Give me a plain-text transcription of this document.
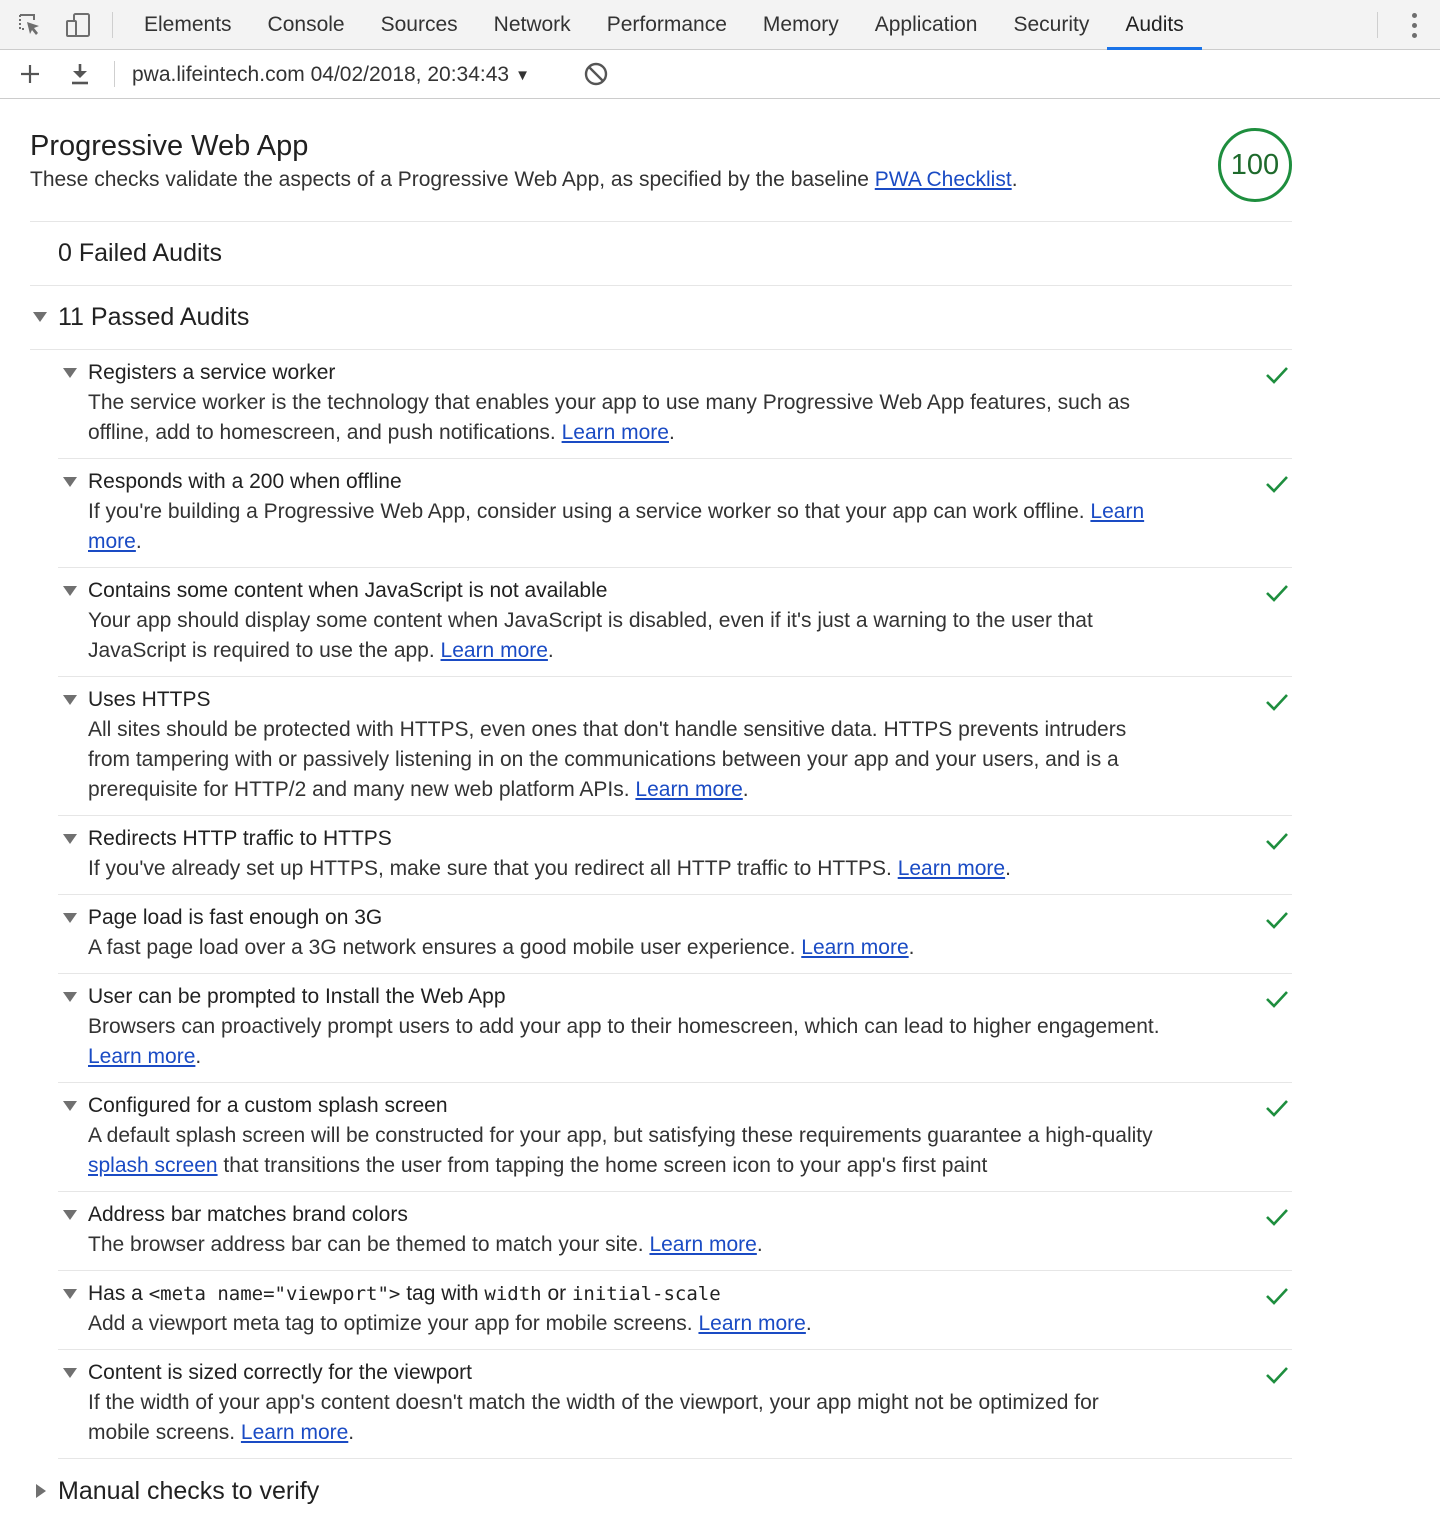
Elements	Console	Sources	Network	Performance	Memory	Application	Security	Audits
pwa.lifeintech.com 04/02/2018, 20:34:43 ▼
Progressive Web App
These checks validate the aspects of a Progressive Web App, as specified by the baseline PWA Checklist.	100
0 Failed Audits
11 Passed Audits
Registers a service worker
The service worker is the technology that enables your app to use many Progressive Web App features, such as offline, add to homescreen, and push notifications. Learn more.
Responds with a 200 when offline
If you're building a Progressive Web App, consider using a service worker so that your app can work offline. Learn more.
Contains some content when JavaScript is not available
Your app should display some content when JavaScript is disabled, even if it's just a warning to the user that JavaScript is required to use the app. Learn more.
Uses HTTPS
All sites should be protected with HTTPS, even ones that don't handle sensitive data. HTTPS prevents intruders from tampering with or passively listening in on the communications between your app and your users, and is a prerequisite for HTTP/2 and many new web platform APIs. Learn more.
Redirects HTTP traffic to HTTPS
If you've already set up HTTPS, make sure that you redirect all HTTP traffic to HTTPS. Learn more.
Page load is fast enough on 3G
A fast page load over a 3G network ensures a good mobile user experience. Learn more.
User can be prompted to Install the Web App
Browsers can proactively prompt users to add your app to their homescreen, which can lead to higher engagement. Learn more.
Configured for a custom splash screen
A default splash screen will be constructed for your app, but satisfying these requirements guarantee a high-quality splash screen that transitions the user from tapping the home screen icon to your app's first paint
Address bar matches brand colors
The browser address bar can be themed to match your site. Learn more.
Has a <meta name="viewport"> tag with width or initial-scale
Add a viewport meta tag to optimize your app for mobile screens. Learn more.
Content is sized correctly for the viewport
If the width of your app's content doesn't match the width of the viewport, your app might not be optimized for mobile screens. Learn more.
Manual checks to verify
